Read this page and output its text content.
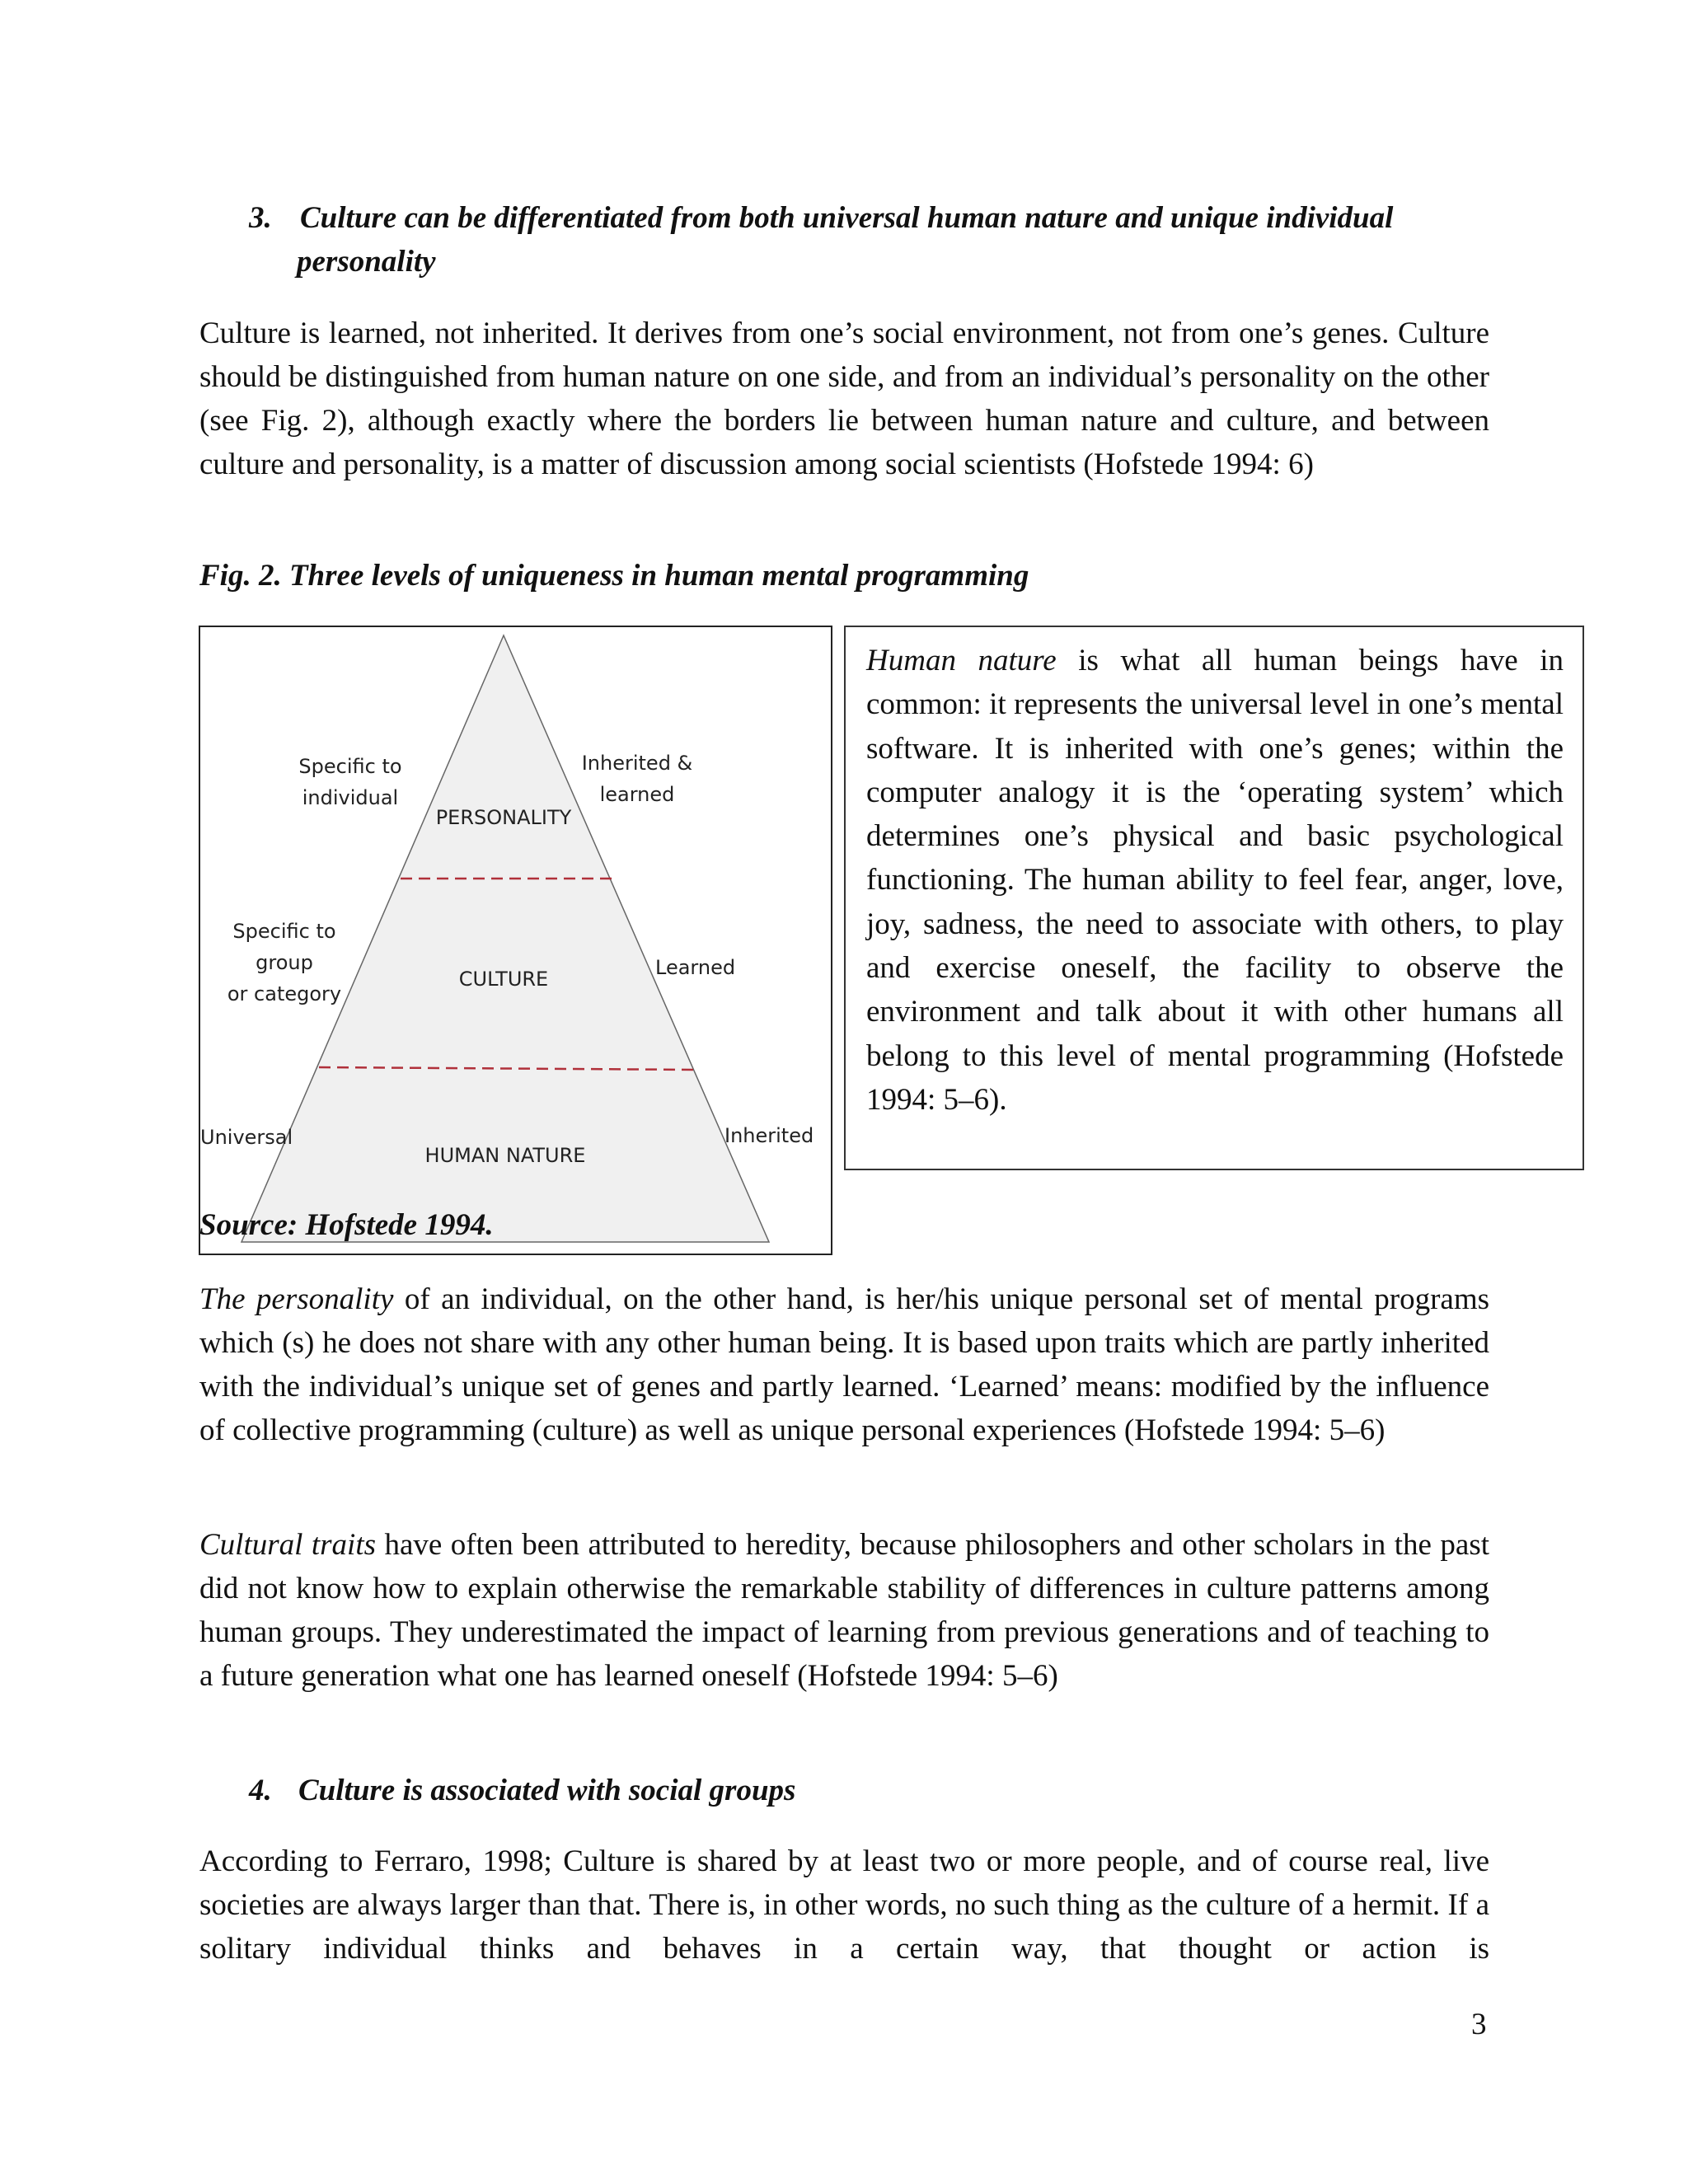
3. Culture can be differentiated from both universal human nature and unique individual
personality

Culture is learned, not inherited. It derives from one’s social environment, not from one’s genes. Culture should be distinguished from human nature on one side, and from an individual’s personality on the other (see Fig. 2), although exactly where the borders lie between human nature and culture, and between culture and personality, is a matter of discussion among social scientists (Hofstede 1994: 6)

Fig. 2. Three levels of uniqueness in human mental programming
PERSONALITY
CULTURE
HUMAN NATURE
Specific to
individual
Specific to
group
or category
Universal
Inherited &
learned
Learned
Inherited

Human nature is what all human beings have in common: it represents the universal level in one’s mental software. It is inherited with one’s genes; within the computer analogy it is the ‘operating system’ which determines one’s physical and basic psychological functioning. The human ability to feel fear, anger, love, joy, sadness, the need to associate with others, to play and exercise oneself, the facility to observe the environment and talk about it with other humans all belong to this level of mental programming (Hofstede 1994: 5–6).

Source: Hofstede 1994.

The personality of an individual, on the other hand, is her/his unique personal set of mental programs which (s) he does not share with any other human being. It is based upon traits which are partly inherited with the individual’s unique set of genes and partly learned. ‘Learned’ means: modified by the influence of collective programming (culture) as well as unique personal experiences (Hofstede 1994: 5–6)

Cultural traits have often been attributed to heredity, because philosophers and other scholars in the past did not know how to explain otherwise the remarkable stability of differences in culture patterns among human groups. They underestimated the impact of learning from previous generations and of teaching to a future generation what one has learned oneself (Hofstede 1994: 5–6)

4. Culture is associated with social groups

According to Ferraro, 1998; Culture is shared by at least two or more people, and of course real, live societies are always larger than that. There is, in other words, no such thing as the culture of a hermit. If a solitary individual thinks and behaves in a certain way, that thought or action is

3
